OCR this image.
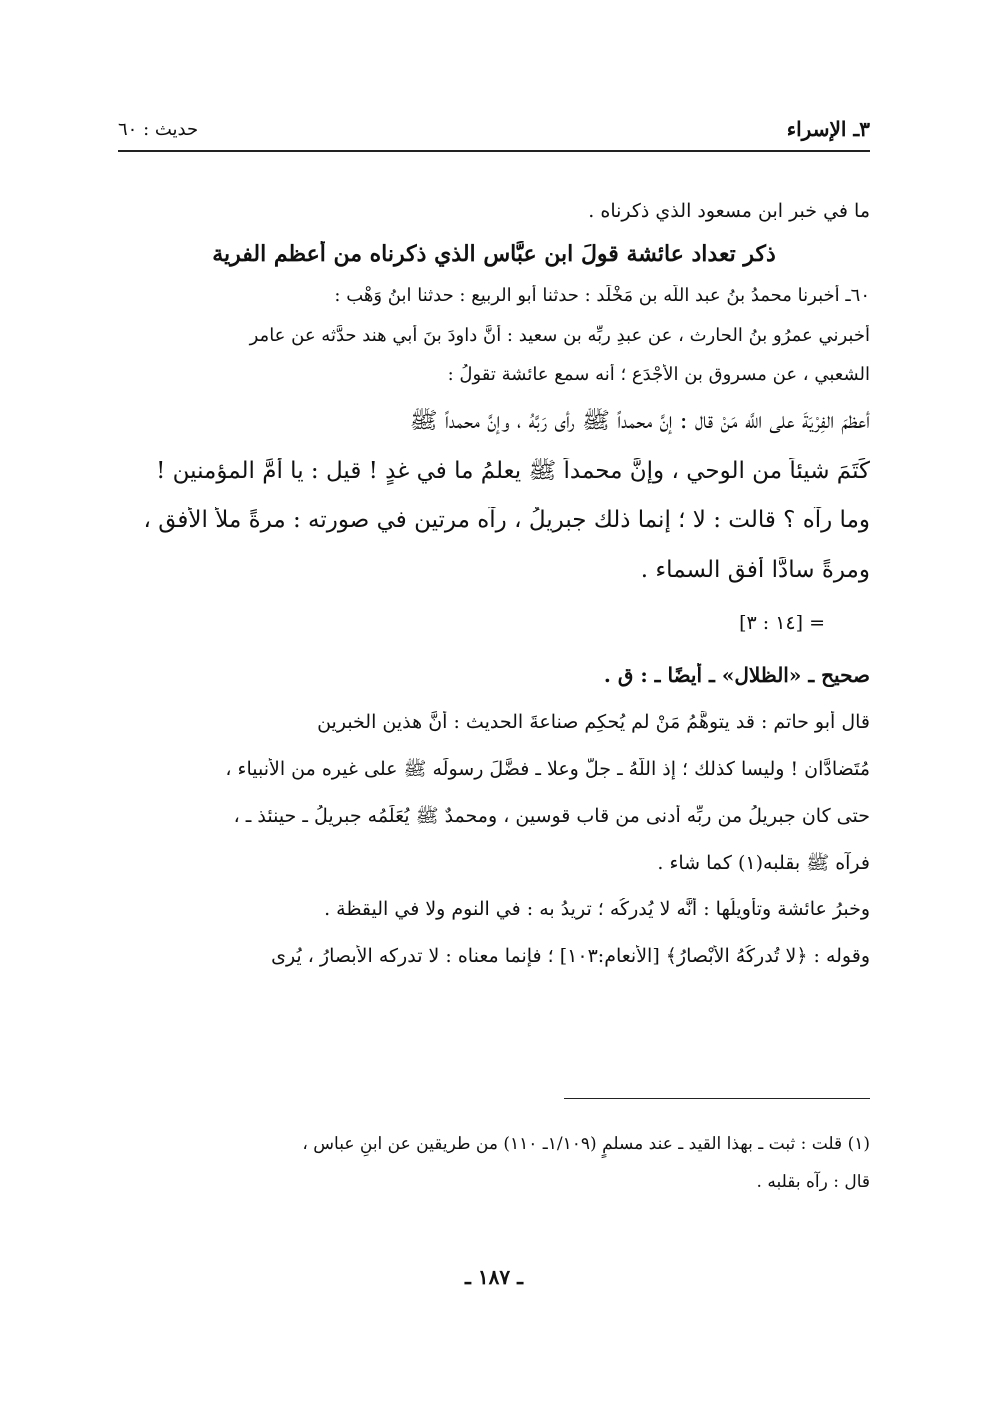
٣ـ الإسراء
حديث : ٦٠

ما في خبر ابن مسعود الذي ذكرناه .

ذكر تعداد عائشة قولَ ابن عبَّاس الذي ذكرناه من أعظم الفرية

٦٠ـ أخبرنا محمدُ بنُ عبد اللَّه بن مَخْلَد : حدثنا أبو الربيع : حدثنا ابنُ وَهْب :

أخبرني عمرُو بنُ الحارث ، عن عبدِ ربِّه بن سعيد : أنَّ داودَ بنَ أبي هند حدَّثه عن عامر

الشعبي ، عن مسروق بنِ الأَجْدَع ؛ أنه سمع عائشة تقولُ :

أعظمَ الفِرْيَةَ على اللَّه مَنْ قال : إنَّ محمداً ﷺ رأى رَبَّهُ ، وإنَّ محمداً ﷺ

كَتَمَ شيئاً من الوحي ، وإنَّ محمداً ﷺ يعلمُ ما في غدٍ ! قيل : يا أُمَّ المؤمنين !

وما رآه ؟ قالت : لا ؛ إنما ذلك جبريلُ ، رآه مرتين في صورته : مرةً ملأ الأفق ،

ومرةً سادًّا أفق السماء .

= [١٤ : ٣]

صحيح ـ «الظلال» ـ أيضًا ـ : ق .

قال أبو حاتم : قد يتوهَّمُ مَنْ لم يُحكِم صناعةَ الحديث : أنَّ هذين الخبرين

مُتَضادَّان ! وليسا كذلك ؛ إذ اللَّهُ ـ جلَّ وعلا ـ فضَّلَ رسولَه ﷺ على غيره من الأنبياء ،

حتى كان جبريلُ من ربِّه أدنى من قاب قوسين ، ومحمدٌ ﷺ يُعَلِّمُه جبريلُ ـ حينئذ ـ ،

فرآه ﷺ بقلبه(١) كما شاء .

وخبرُ عائشة وتأويلُها : أنَّه لا يُدركُه ؛ تريدُ به : في النوم ولا في اليقظة .

وقوله : ﴿لا تُدركُهُ الأَبْصارُ﴾ [الأنعام:١٠٣] ؛ فإنما معناه : لا تدركه الأبصارُ ، يُرى

(١) قلت : ثبت ـ بهذا القيد ـ عند مسلمٍ (١/١٠٩ـ ١١٠) من طريقين عن ابنِ عباس ،

قال : رآه بقلبه .

ـ ١٨٧ ـ
